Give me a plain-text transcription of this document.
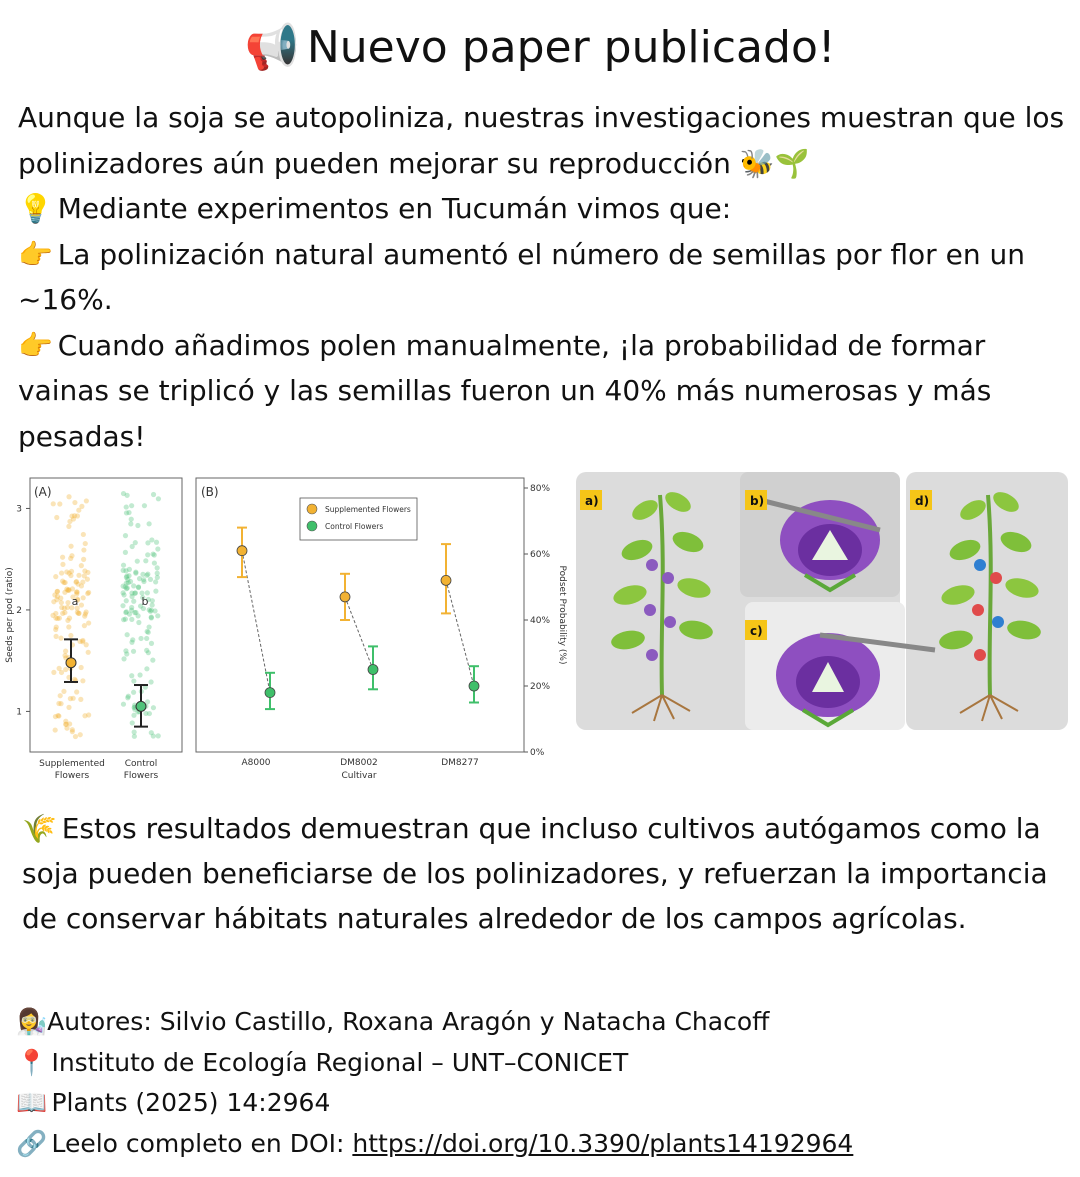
📢 Nuevo paper publicado!

Aunque la soja se autopoliniza, nuestras investigaciones muestran que los polinizadores aún pueden mejorar su reproducción 🐝🌱

💡 Mediante experimentos en Tucumán vimos que:

👉 La polinización natural aumentó el número de semillas por flor en un ~16%.

👉 Cuando añadimos polen manualmente, ¡la probabilidad de formar vainas se triplicó y las semillas fueron un 40% más numerosas y más pesadas!

(A)
Seeds per pod (ratio)
1
2
3
a	b
Supplemented Flowers
Control Flowers
(B)
Podset Probability (%)
Cultivar
0%
20%
40%
60%
80%
A8000	DM8002	DM8277
Supplemented Flowers
Control Flowers
a)	b)
c)
d)

🌾 Estos resultados demuestran que incluso cultivos autógamos como la soja pueden beneficiarse de los polinizadores, y refuerzan la importancia de conservar hábitats naturales alrededor de los campos agrícolas.

👩‍🔬Autores: Silvio Castillo, Roxana Aragón y Natacha Chacoff

📍 Instituto de Ecología Regional – UNT–CONICET

📖 Plants (2025) 14:2964

🔗 Leelo completo en DOI: https://doi.org/10.3390/plants14192964
